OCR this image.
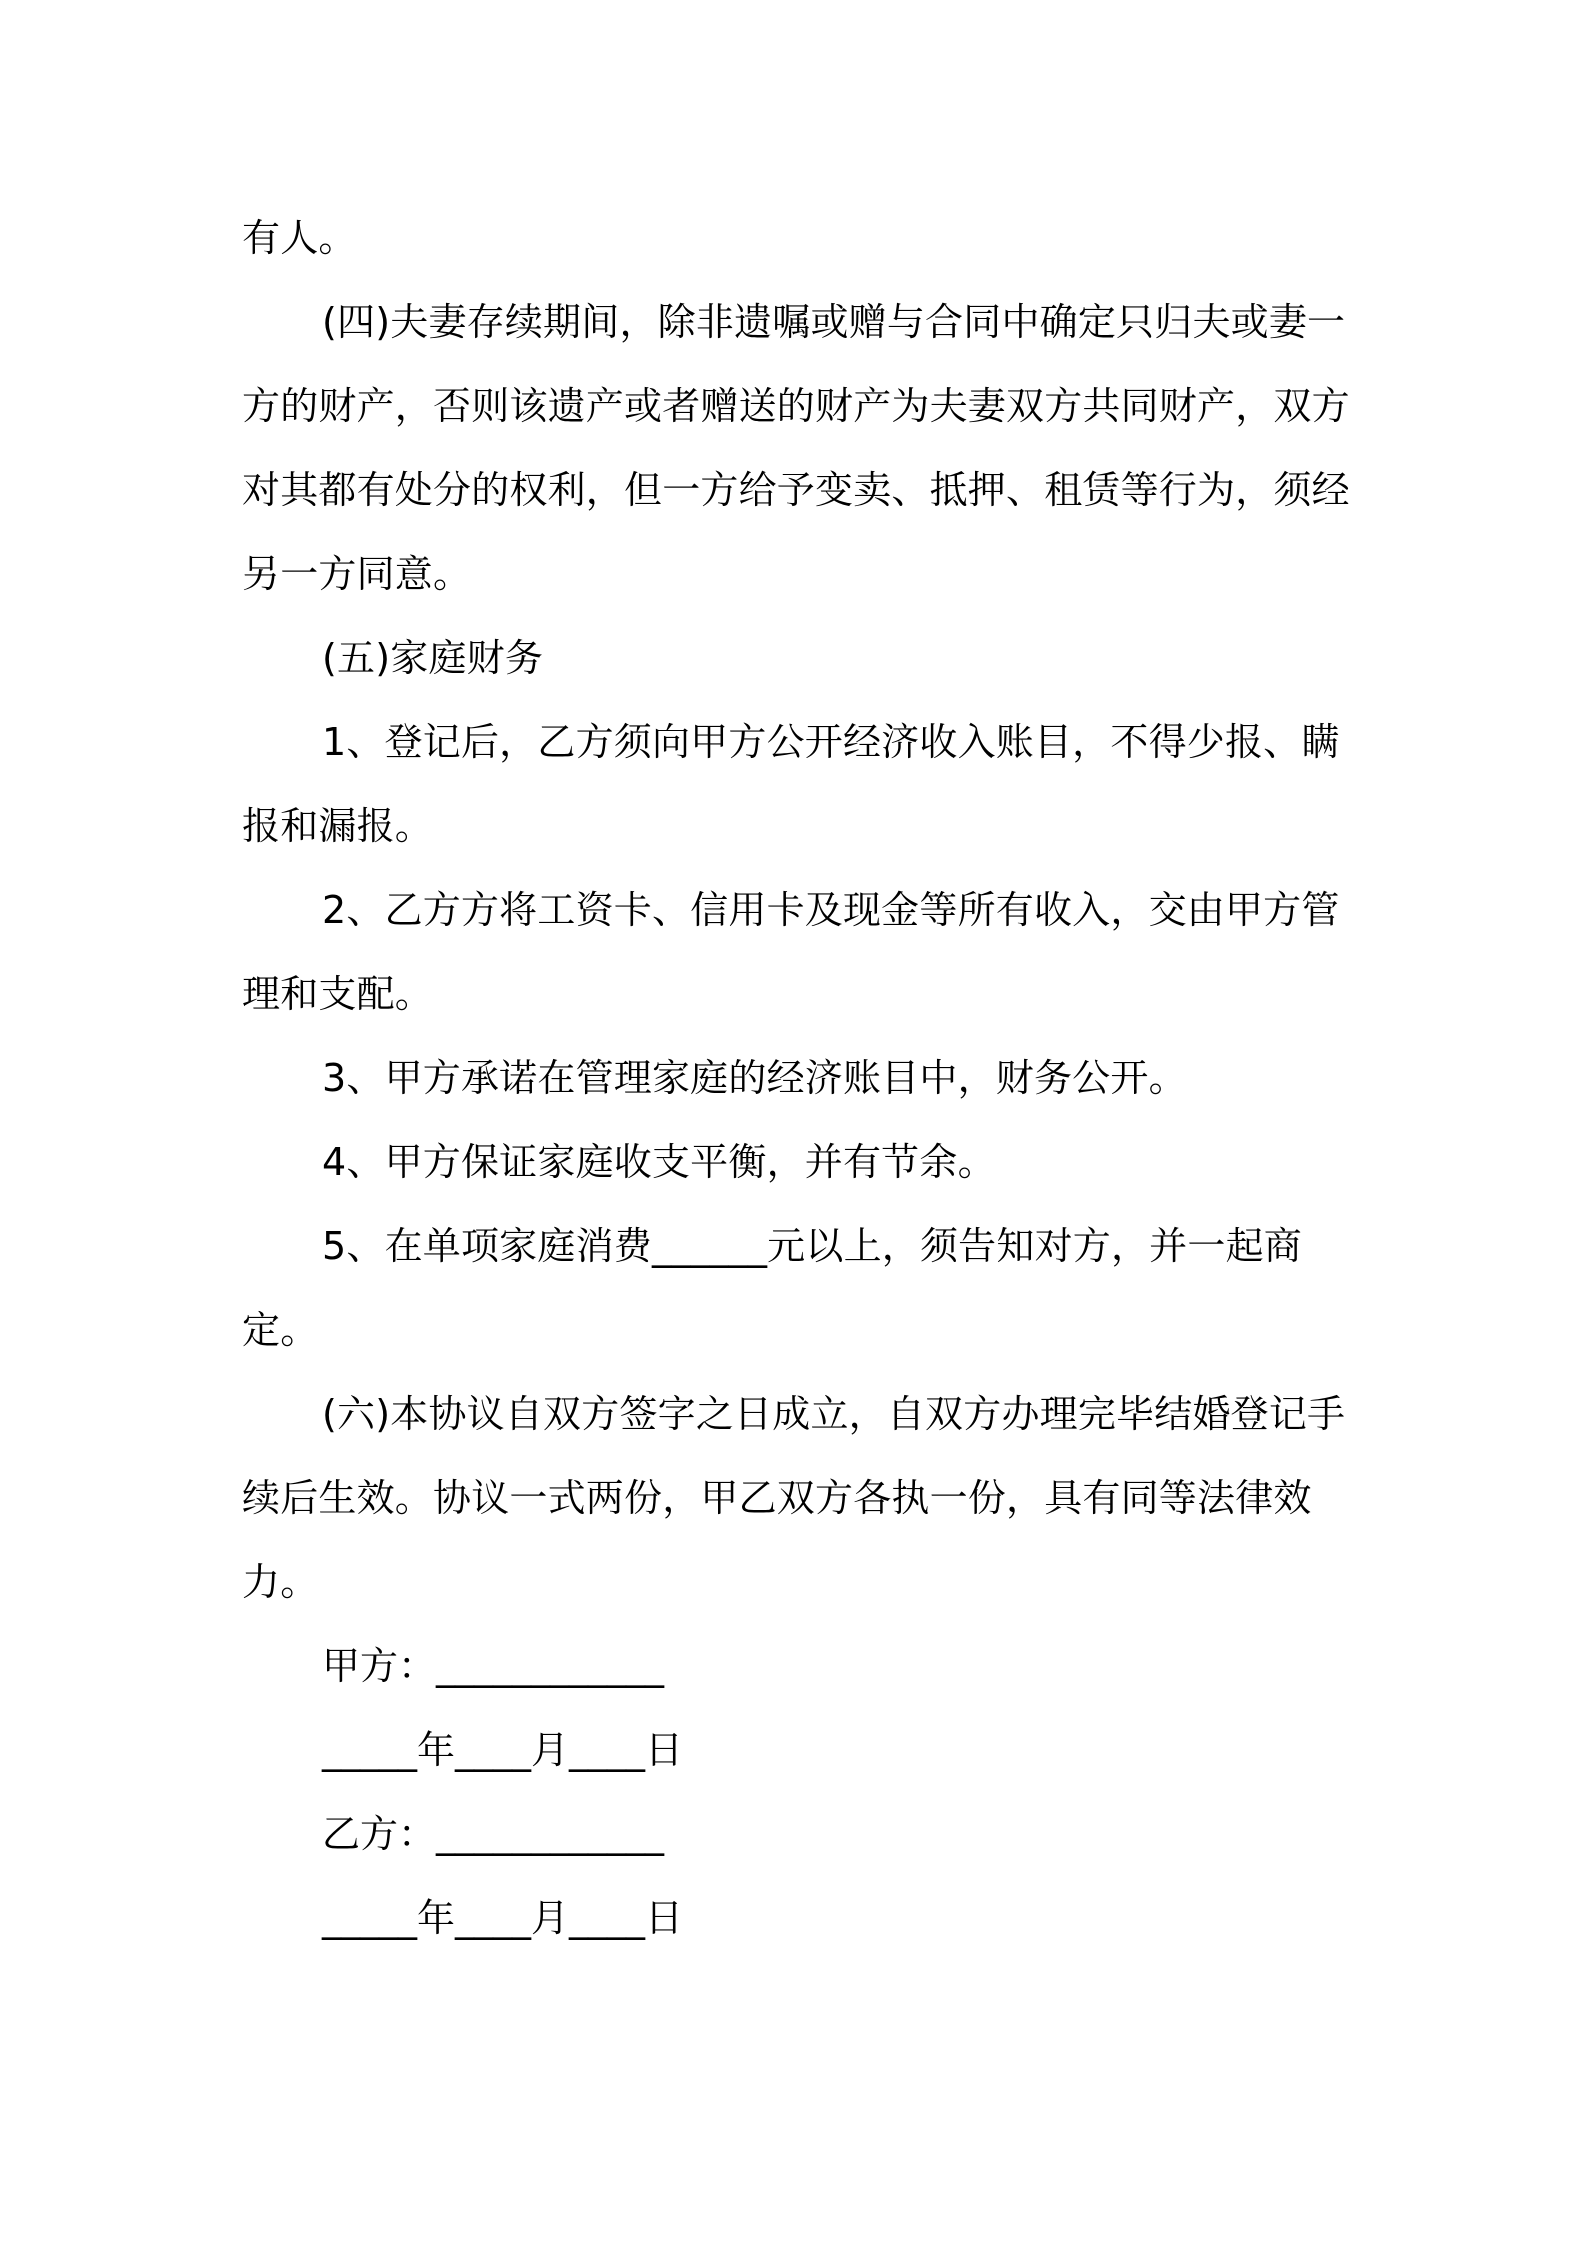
有人。

(四)夫妻存续期间，除非遗嘱或赠与合同中确定只归夫或妻一方的财产，否则该遗产或者赠送的财产为夫妻双方共同财产，双方对其都有处分的权利，但一方给予变卖、抵押、租赁等行为，须经另一方同意。

(五)家庭财务

1、登记后，乙方须向甲方公开经济收入账目，不得少报、瞒报和漏报。

2、乙方方将工资卡、信用卡及现金等所有收入，交由甲方管理和支配。

3、甲方承诺在管理家庭的经济账目中，财务公开。

4、甲方保证家庭收支平衡，并有节余。

5、在单项家庭消费______元以上，须告知对方，并一起商定。

(六)本协议自双方签字之日成立，自双方办理完毕结婚登记手续后生效。协议一式两份，甲乙双方各执一份，具有同等法律效力。

甲方：____________

_____年____月____日

乙方：____________

_____年____月____日
